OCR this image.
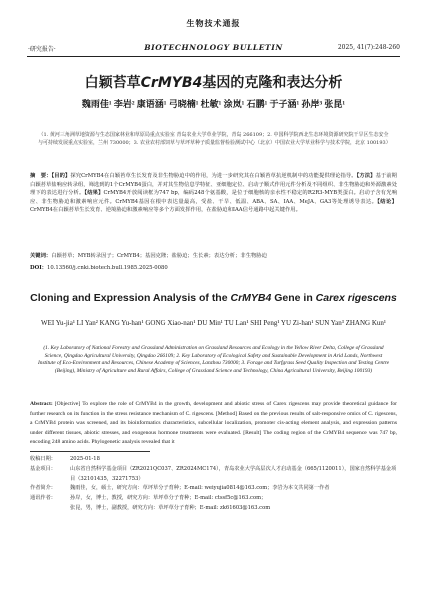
生物技术通报
·研究报告·	BIOTECHNOLOGY BULLETIN	2025, 41(7):248-260
白颖苔草CrMYB4基因的克隆和表达分析
魏雨佳¹ 李岩² 康语涵¹ 弓晓楠¹ 杜敏¹ 涂岚¹ 石鹏¹ 于子涵¹ 孙岸³ 张昆¹
（1. 黄河三角洲草地资源与生态国家林业和草原局重点实验室 青岛农业大学草业学院，青岛 266109；2. 中国科学院西北生态环境资源研究院干旱区生态安全与可持续发展重点实验室，兰州 730000；3. 农业农村部饲草与草坪草种子质量监督检验测试中心（北京）中国农业大学草业科学与技术学院，北京 100193）
摘　要：【目的】探究CrMYB4在白颖苔草生长发育及非生物胁迫中的作用，为进一步研究其在白颖苔草抗逆机制中的功能提供理论指导。【方法】基于前期白颖苔草盐响应转录组，筛选到的1个CrMYB4蛋白，并对其生物信息学特征、亚细胞定位、启动子顺式作用元件分析及不同组织、非生物胁迫和外源激素处理下的表达进行分析。【结果】CrMYB4开放阅读框为747 bp，编码248个氨基酸，是位于细胞核的亲水性不稳定的R2R3-MYB类蛋白。启动子含有光响应、非生物胁迫和激素响应元件。CrMYB4基因在根中表达量最高，受盐、干旱、低温、ABA、SA、IAA、MeJA、GA3等处理诱导表达。【结论】CrMYB4在白颖苔草生长发育、逆境胁迫和激素响应等多个方面发挥作用，在盐胁迫和IAA信号通路中起关键作用。
关键词：白颖苔草；MYB转录因子；CrMYB4；基因克隆；盐胁迫；生长素；表达分析；非生物胁迫
DOI：10.13560/j.cnki.biotech.bull.1985.2025-0080
Cloning and Expression Analysis of the CrMYB4 Gene in Carex rigescens
WEI Yu-jia¹ LI Yan² KANG Yu-han¹ GONG Xiao-nan¹ DU Min¹ TU Lan¹ SHI Peng¹ YU Zi-han¹ SUN Yan³ ZHANG Kun¹
(1. Key Laboratory of National Forestry and Grassland Administration on Grassland Resources and Ecology in the Yellow River Delta, College of Grassland Science, Qingdao Agricultural University, Qingdao 266109; 2. Key Laboratory of Ecological Safety and Sustainable Development in Arid Lands, Northwest Institute of Eco-Environment and Resources, Chinese Academy of Sciences, Lanzhou 730000; 3. Forage and Turfgrass Seed Quality Inspection and Testing Centre (Beijing), Ministry of Agriculture and Rural Affairs, College of Grassland Science and Technology, China Agricultural University, Beijing 100193)
Abstract: [Objective] To explore the role of CrMYB4 in the growth, development and abiotic stress of Carex rigescens may provide theoretical guidance for further research on its function in the stress resistance mechanism of C. rigescens. [Method] Based on the previous results of salt-responsive omics of C. rigescens, a CrMYB4 protein was screened, and its bioinformatics characteristics, subcellular localization, promoter cis-acting element analysis, and expression patterns under different tissues, abiotic stresses, and exogenous hormone treatments were evaluated. [Result] The coding region of the CrMYB4 sequence was 747 bp, encoding 248 amino acids. Phylogenetic analysis revealed that it
收稿日期：	2025-01-18
基金项目：	山东省自然科学基金项目（ZR2021QC037、ZR2024MC174），青岛农业大学高层次人才启动基金（665/1120011），国家自然科学基金项目（32101435，32271753）
作者简介：	魏雨佳，女，硕士，研究方向：草坪草分子育种；E-mail: weiyujia0814@163.com；李岩为本文共同第一作者
通讯作者：	孙岸，女，博士，教授，研究方向：草坪草分子育种；E-mail: ctssf5c@163.com；
张昆，男，博士，副教授，研究方向：草坪草分子育种；E-mail: zk61603@163.com
